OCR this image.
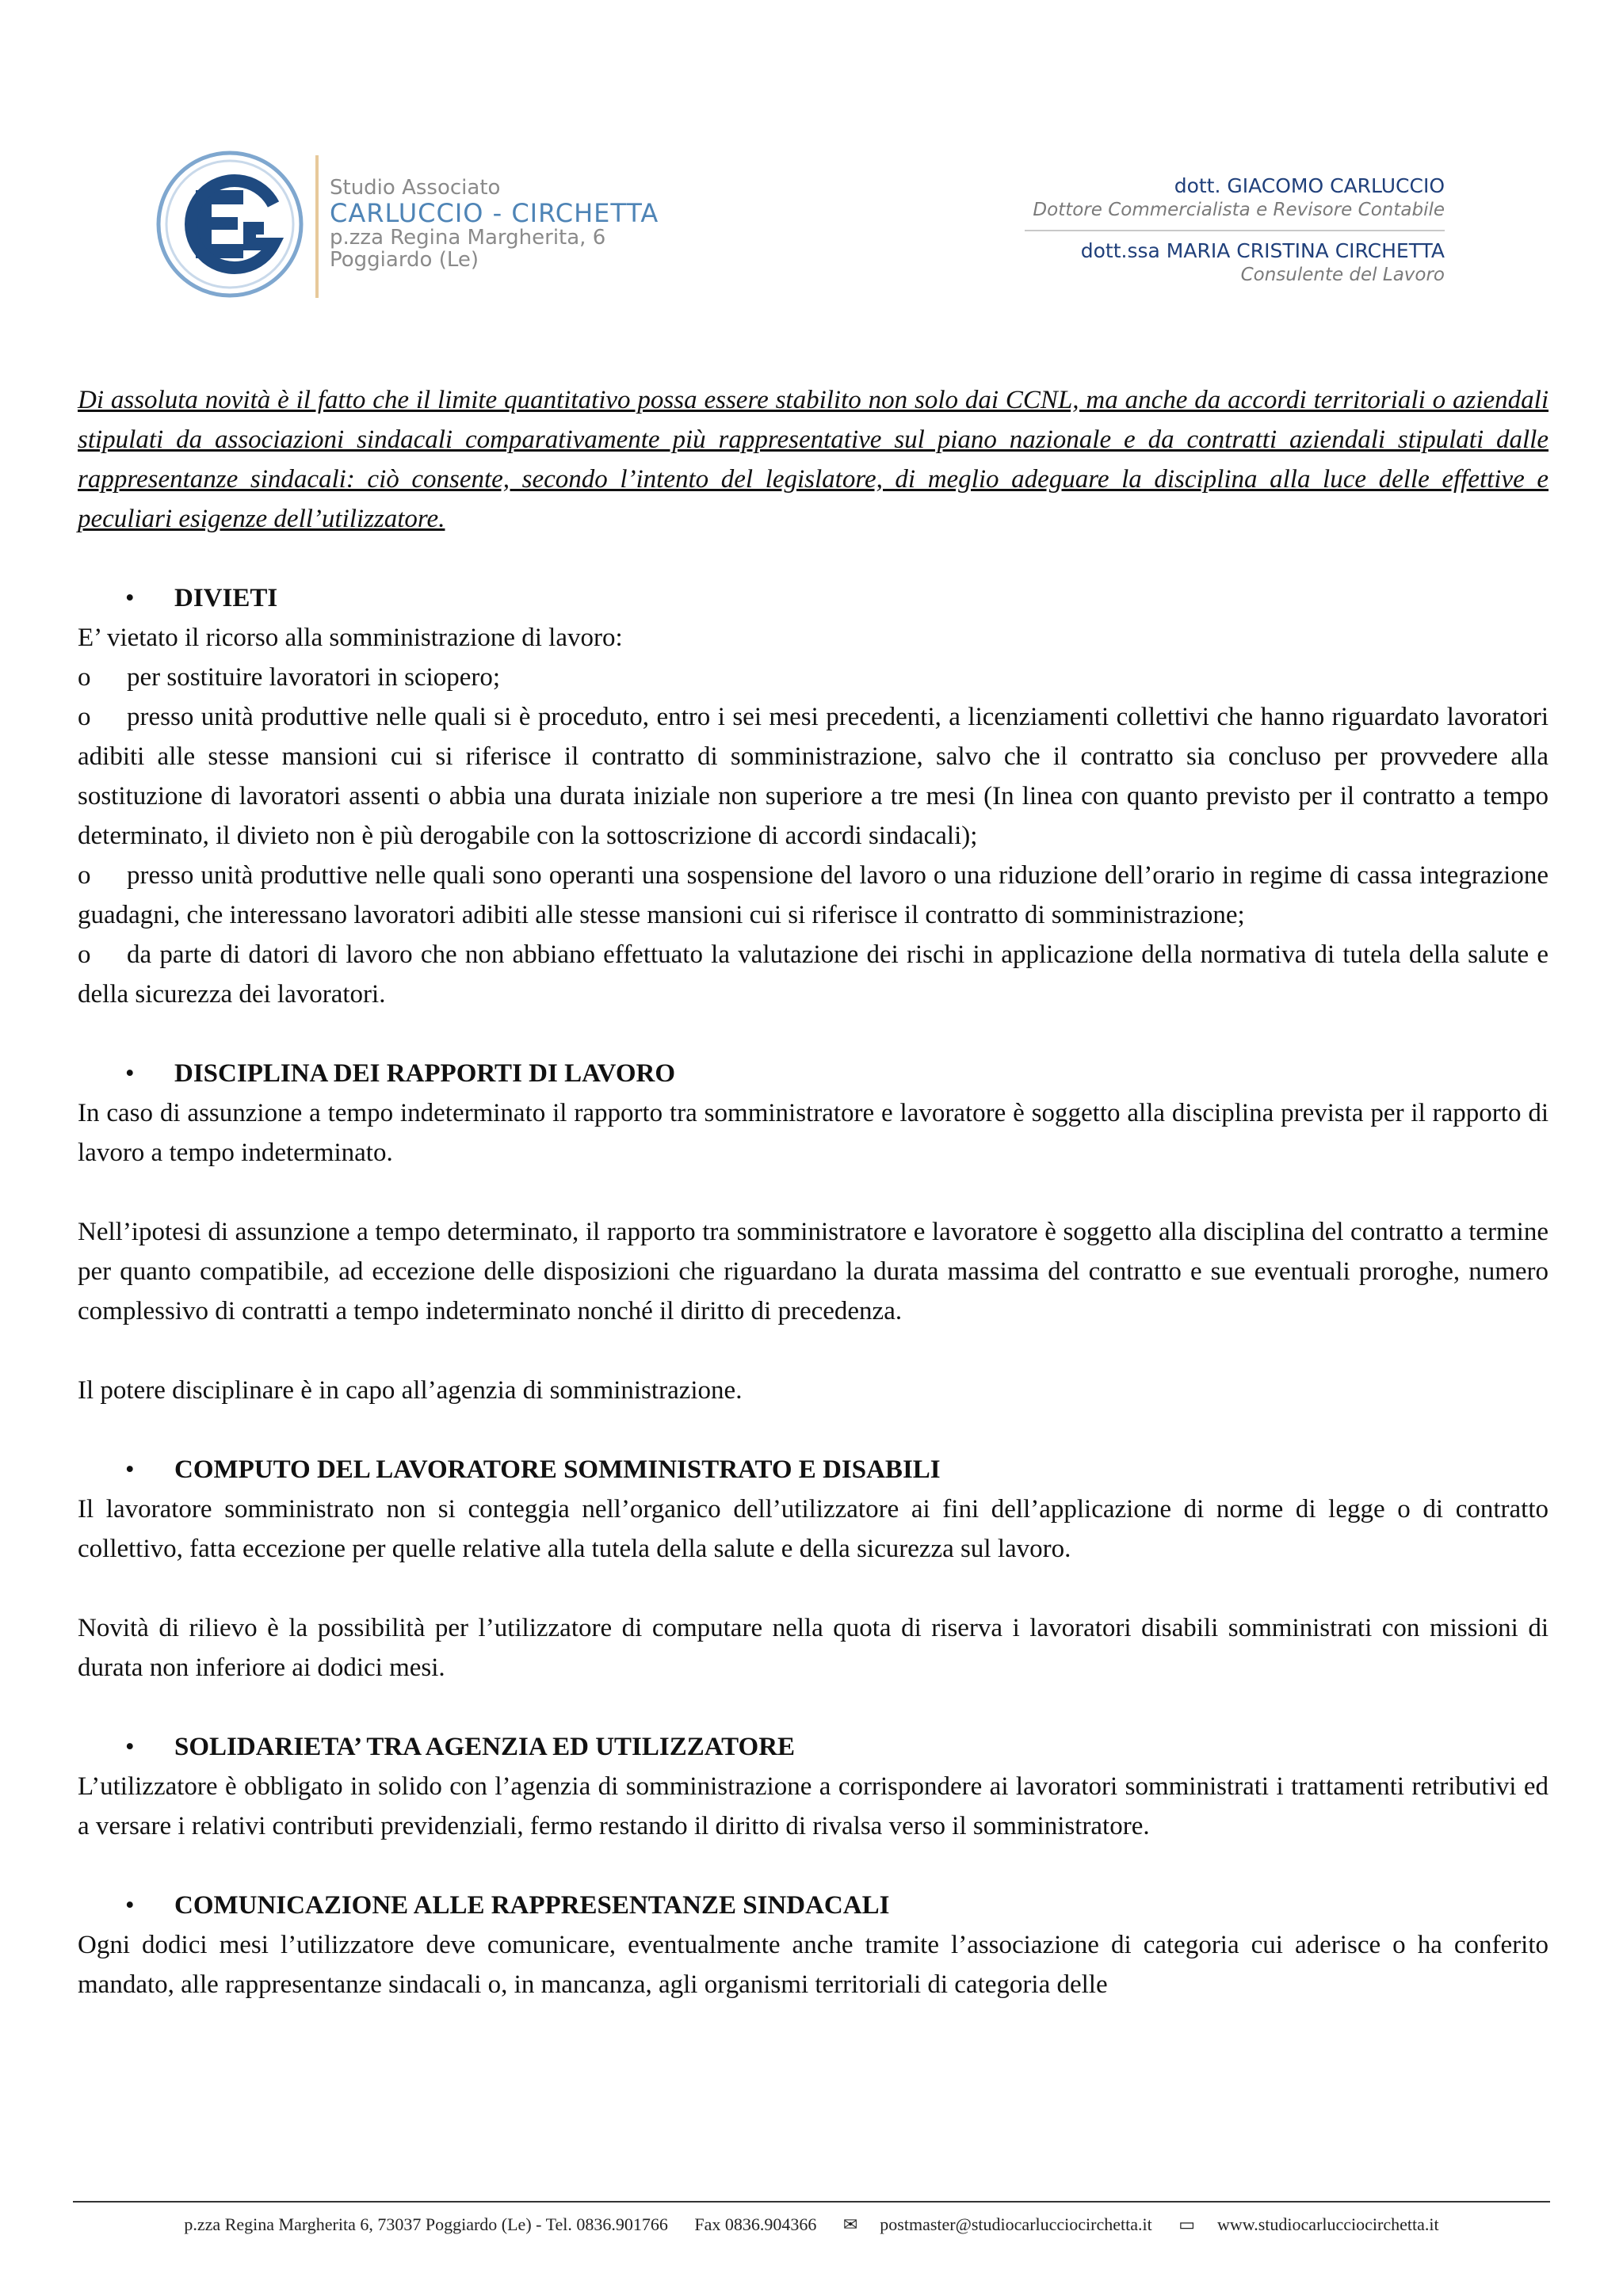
Studio Associato
CARLUCCIO - CIRCHETTA
p.zza Regina Margherita, 6
Poggiardo (Le)
dott. GIACOMO CARLUCCIO
Dottore Commercialista e Revisore Contabile
dott.ssa MARIA CRISTINA CIRCHETTA
Consulente del Lavoro

Di assoluta novità è il fatto che il limite quantitativo possa essere stabilito non solo dai CCNL, ma anche da accordi territoriali o aziendali stipulati da associazioni sindacali comparativamente più rappresentative sul piano nazionale e da contratti aziendali stipulati dalle rappresentanze sindacali: ciò consente, secondo l’intento del legislatore, di meglio adeguare la disciplina alla luce delle effettive e peculiari esigenze dell’utilizzatore.

• DIVIETI

E’ vietato il ricorso alla somministrazione di lavoro:

o per sostituire lavoratori in sciopero;

o presso unità produttive nelle quali si è proceduto, entro i sei mesi precedenti, a licenziamenti collettivi che hanno riguardato lavoratori adibiti alle stesse mansioni cui si riferisce il contratto di somministrazione, salvo che il contratto sia concluso per provvedere alla sostituzione di lavoratori assenti o abbia una durata iniziale non superiore a tre mesi (In linea con quanto previsto per il contratto a tempo determinato, il divieto non è più derogabile con la sottoscrizione di accordi sindacali);

o presso unità produttive nelle quali sono operanti una sospensione del lavoro o una riduzione dell’orario in regime di cassa integrazione guadagni, che interessano lavoratori adibiti alle stesse mansioni cui si riferisce il contratto di somministrazione;

o da parte di datori di lavoro che non abbiano effettuato la valutazione dei rischi in applicazione della normativa di tutela della salute e della sicurezza dei lavoratori.

• DISCIPLINA DEI RAPPORTI DI LAVORO

In caso di assunzione a tempo indeterminato il rapporto tra somministratore e lavoratore è soggetto alla disciplina prevista per il rapporto di lavoro a tempo indeterminato.

Nell’ipotesi di assunzione a tempo determinato, il rapporto tra somministratore e lavoratore è soggetto alla disciplina del contratto a termine per quanto compatibile, ad eccezione delle disposizioni che riguardano la durata massima del contratto e sue eventuali proroghe, numero complessivo di contratti a tempo indeterminato nonché il diritto di precedenza.

Il potere disciplinare è in capo all’agenzia di somministrazione.

• COMPUTO DEL LAVORATORE SOMMINISTRATO E DISABILI

Il lavoratore somministrato non si conteggia nell’organico dell’utilizzatore ai fini dell’applicazione di norme di legge o di contratto collettivo, fatta eccezione per quelle relative alla tutela della salute e della sicurezza sul lavoro.

Novità di rilievo è la possibilità per l’utilizzatore di computare nella quota di riserva i lavoratori disabili somministrati con missioni di durata non inferiore ai dodici mesi.

• SOLIDARIETA’ TRA AGENZIA ED UTILIZZATORE

L’utilizzatore è obbligato in solido con l’agenzia di somministrazione a corrispondere ai lavoratori somministrati i trattamenti retributivi ed a versare i relativi contributi previdenziali, fermo restando il diritto di rivalsa verso il somministratore.

• COMUNICAZIONE ALLE RAPPRESENTANZE SINDACALI

Ogni dodici mesi l’utilizzatore deve comunicare, eventualmente anche tramite l’associazione di categoria cui aderisce o ha conferito mandato, alle rappresentanze sindacali o, in mancanza, agli organismi territoriali di categoria delle

p.zza Regina Margherita 6, 73037 Poggiardo (Le) - Tel. 0836.901766 Fax 0836.904366 ✉ postmaster@studiocarlucciocirchetta.it ▭ www.studiocarlucciocirchetta.it
